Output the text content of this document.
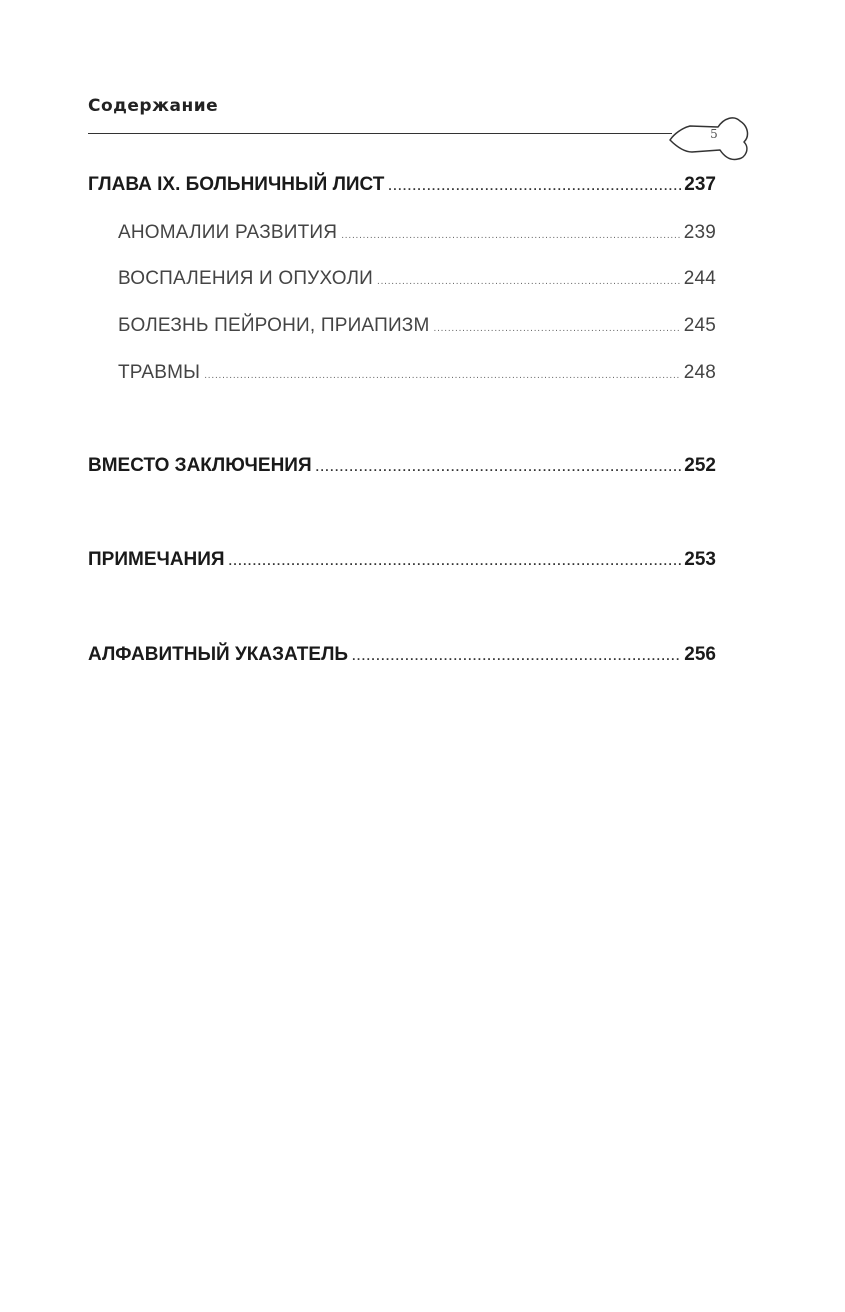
Содержание
5
ГЛАВА IX. БОЛЬНИЧНЫЙ ЛИСТ .....	237
АНОМАЛИИ РАЗВИТИЯ .....	239
ВОСПАЛЕНИЯ И ОПУХОЛИ .....	244
БОЛЕЗНЬ ПЕЙРОНИ, ПРИАПИЗМ .....	245
ТРАВМЫ .....	248
ВМЕСТО ЗАКЛЮЧЕНИЯ .....	252
ПРИМЕЧАНИЯ .....	253
АЛФАВИТНЫЙ УКАЗАТЕЛЬ .....	256
